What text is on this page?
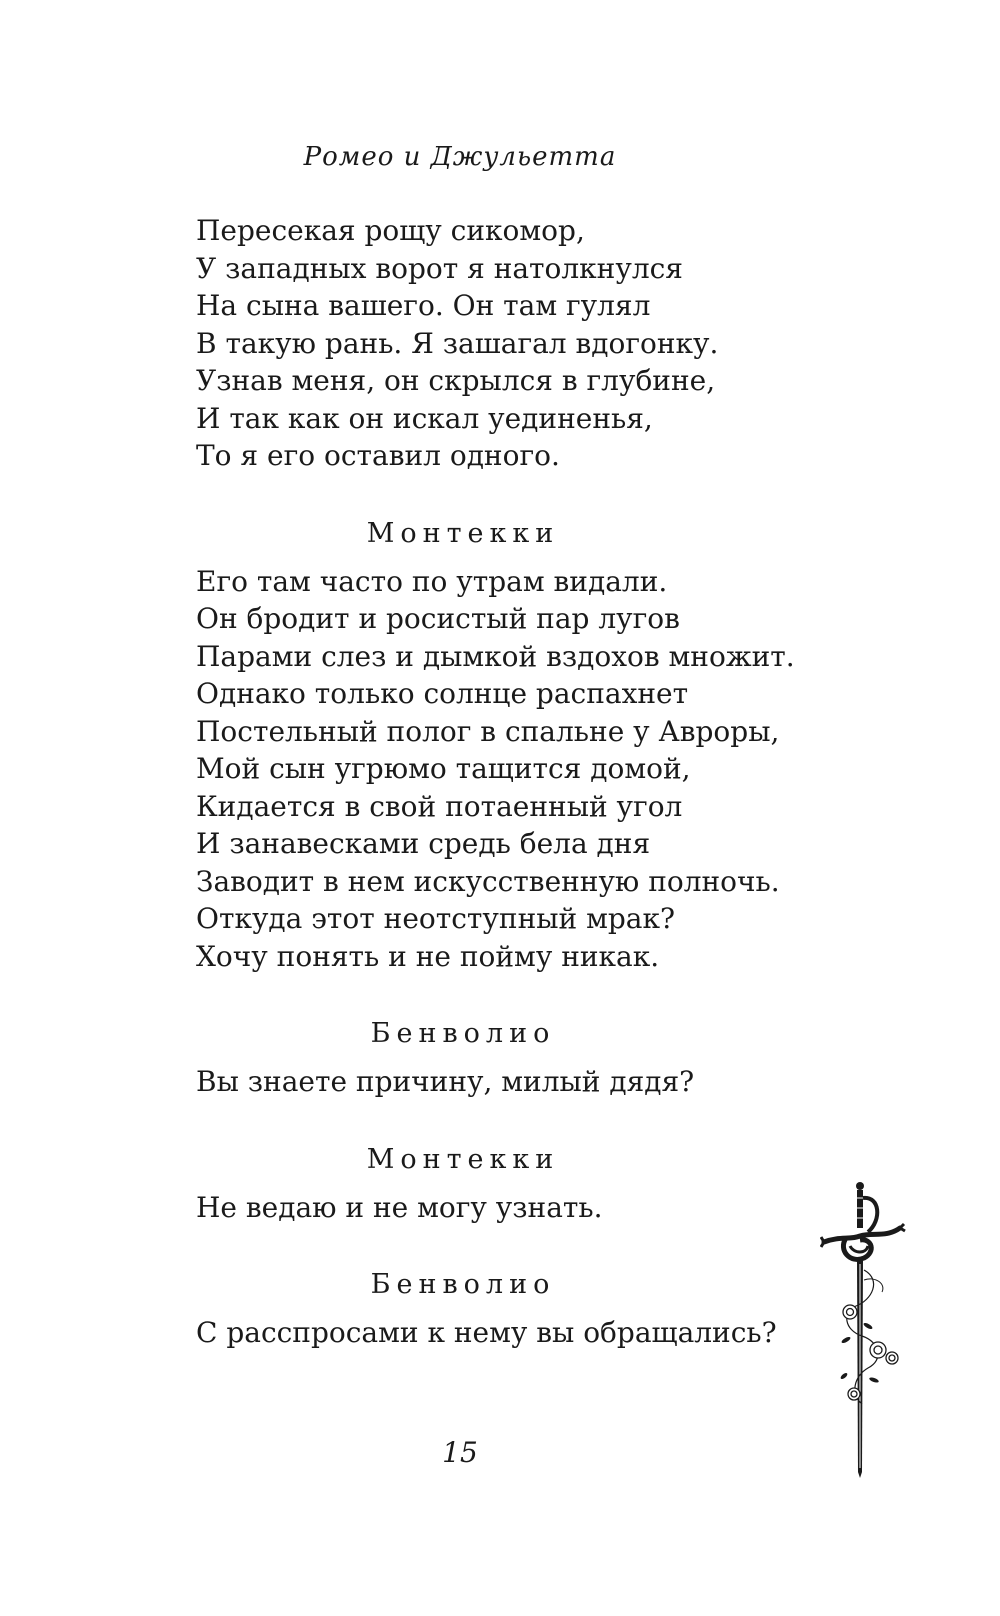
Ромео и Джульетта
Пересекая рощу сикомор,
У западных ворот я натолкнулся
На сына вашего. Он там гулял
В такую рань. Я зашагал вдогонку.
Узнав меня, он скрылся в глубине,
И так как он искал уединенья,
То я его оставил одного.
Монтекки
Его там часто по утрам видали.
Он бродит и росистый пар лугов
Парами слез и дымкой вздохов множит.
Однако только солнце распахнет
Постельный полог в спальне у Авроры,
Мой сын угрюмо тащится домой,
Кидается в свой потаенный угол
И занавесками средь бела дня
Заводит в нем искусственную полночь.
Откуда этот неотступный мрак?
Хочу понять и не пойму никак.
Бенволио
Вы знаете причину, милый дядя?
Монтекки
Не ведаю и не могу узнать.
Бенволио
С расспросами к нему вы обращались?
15
